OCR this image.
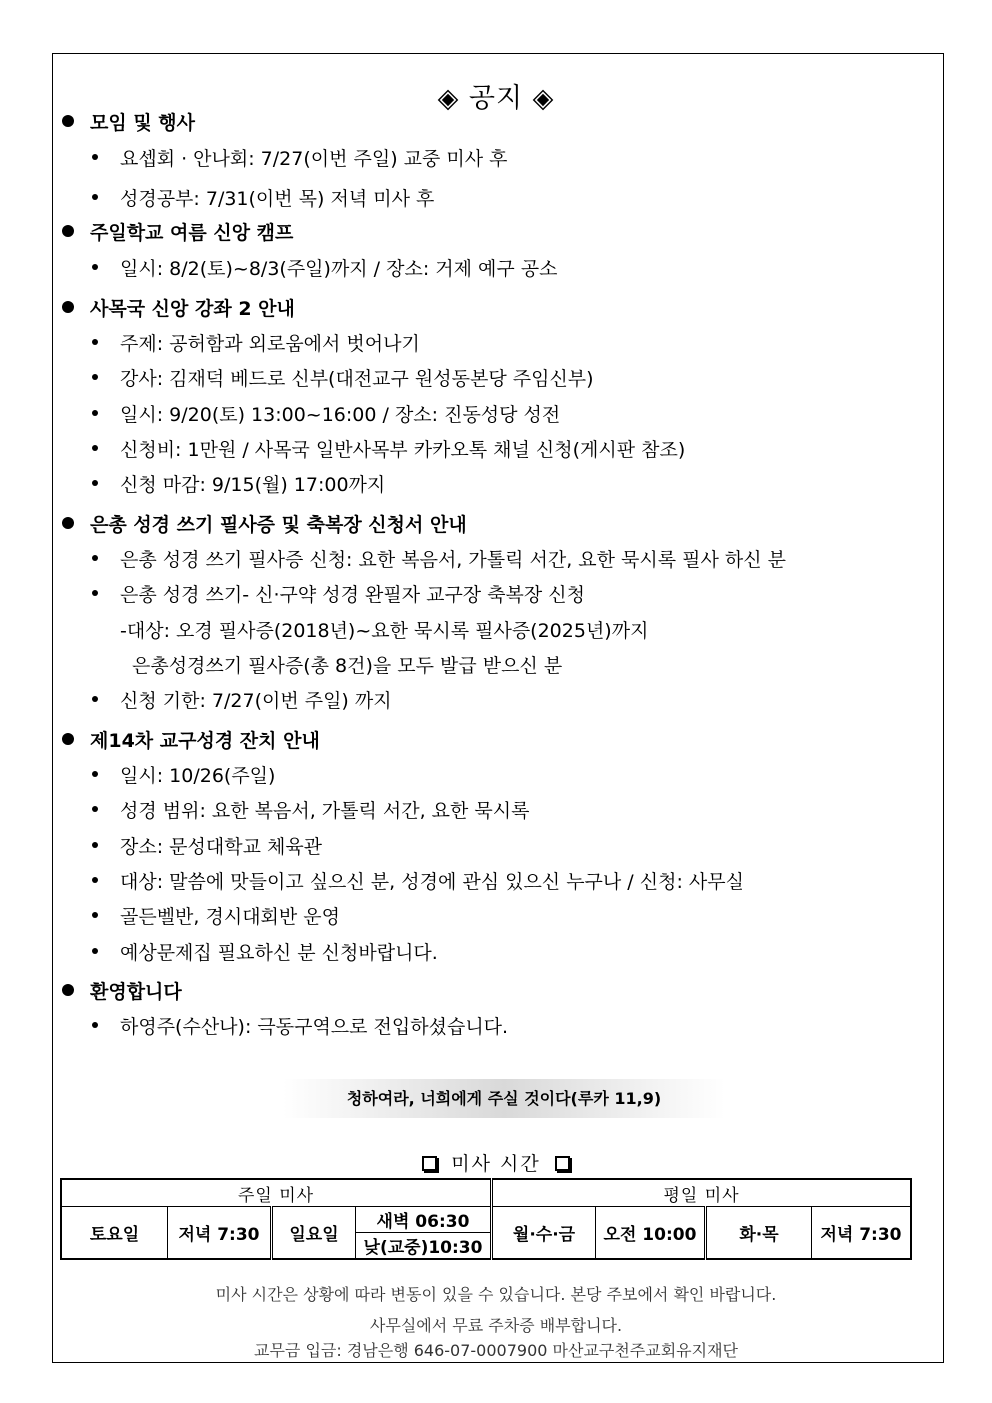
◈ 공지 ◈
모임 및 행사
요셉회 · 안나회: 7/27(이번 주일) 교중 미사 후
성경공부: 7/31(이번 목) 저녁 미사 후
주일학교 여름 신앙 캠프
일시: 8/2(토)~8/3(주일)까지 / 장소: 거제 예구 공소
사목국 신앙 강좌 2 안내
주제: 공허함과 외로움에서 벗어나기
강사: 김재덕 베드로 신부(대전교구 원성동본당 주임신부)
일시: 9/20(토) 13:00~16:00 / 장소: 진동성당 성전
신청비: 1만원 / 사목국 일반사목부 카카오톡 채널 신청(게시판 참조)
신청 마감: 9/15(월) 17:00까지
은총 성경 쓰기 필사증 및 축복장 신청서 안내
은총 성경 쓰기 필사증 신청: 요한 복음서, 가톨릭 서간, 요한 묵시록 필사 하신 분
은총 성경 쓰기- 신·구약 성경 완필자 교구장 축복장 신청
-대상: 오경 필사증(2018년)~요한 묵시록 필사증(2025년)까지
은총성경쓰기 필사증(총 8건)을 모두 발급 받으신 분
신청 기한: 7/27(이번 주일) 까지
제14차 교구성경 잔치 안내
일시: 10/26(주일)
성경 범위: 요한 복음서, 가톨릭 서간, 요한 묵시록
장소: 문성대학교 체육관
대상: 말씀에 맛들이고 싶으신 분, 성경에 관심 있으신 누구나 / 신청: 사무실
골든벨반, 경시대회반 운영
예상문제집 필요하신 분 신청바랍니다.
환영합니다
하영주(수산나): 극동구역으로 전입하셨습니다.
청하여라, 너희에게 주실 것이다(루카 11,9)
미사 시간
주일 미사				평일 미사			
토요일	저녁 7:30	일요일	새벽 06:30	월·수·금	오전 10:00	화·목	저녁 7:30
			낮(교중)10:30				
미사 시간은 상황에 따라 변동이 있을 수 있습니다. 본당 주보에서 확인 바랍니다.
사무실에서 무료 주차증 배부합니다.
교무금 입금: 경남은행 646-07-0007900 마산교구천주교회유지재단
